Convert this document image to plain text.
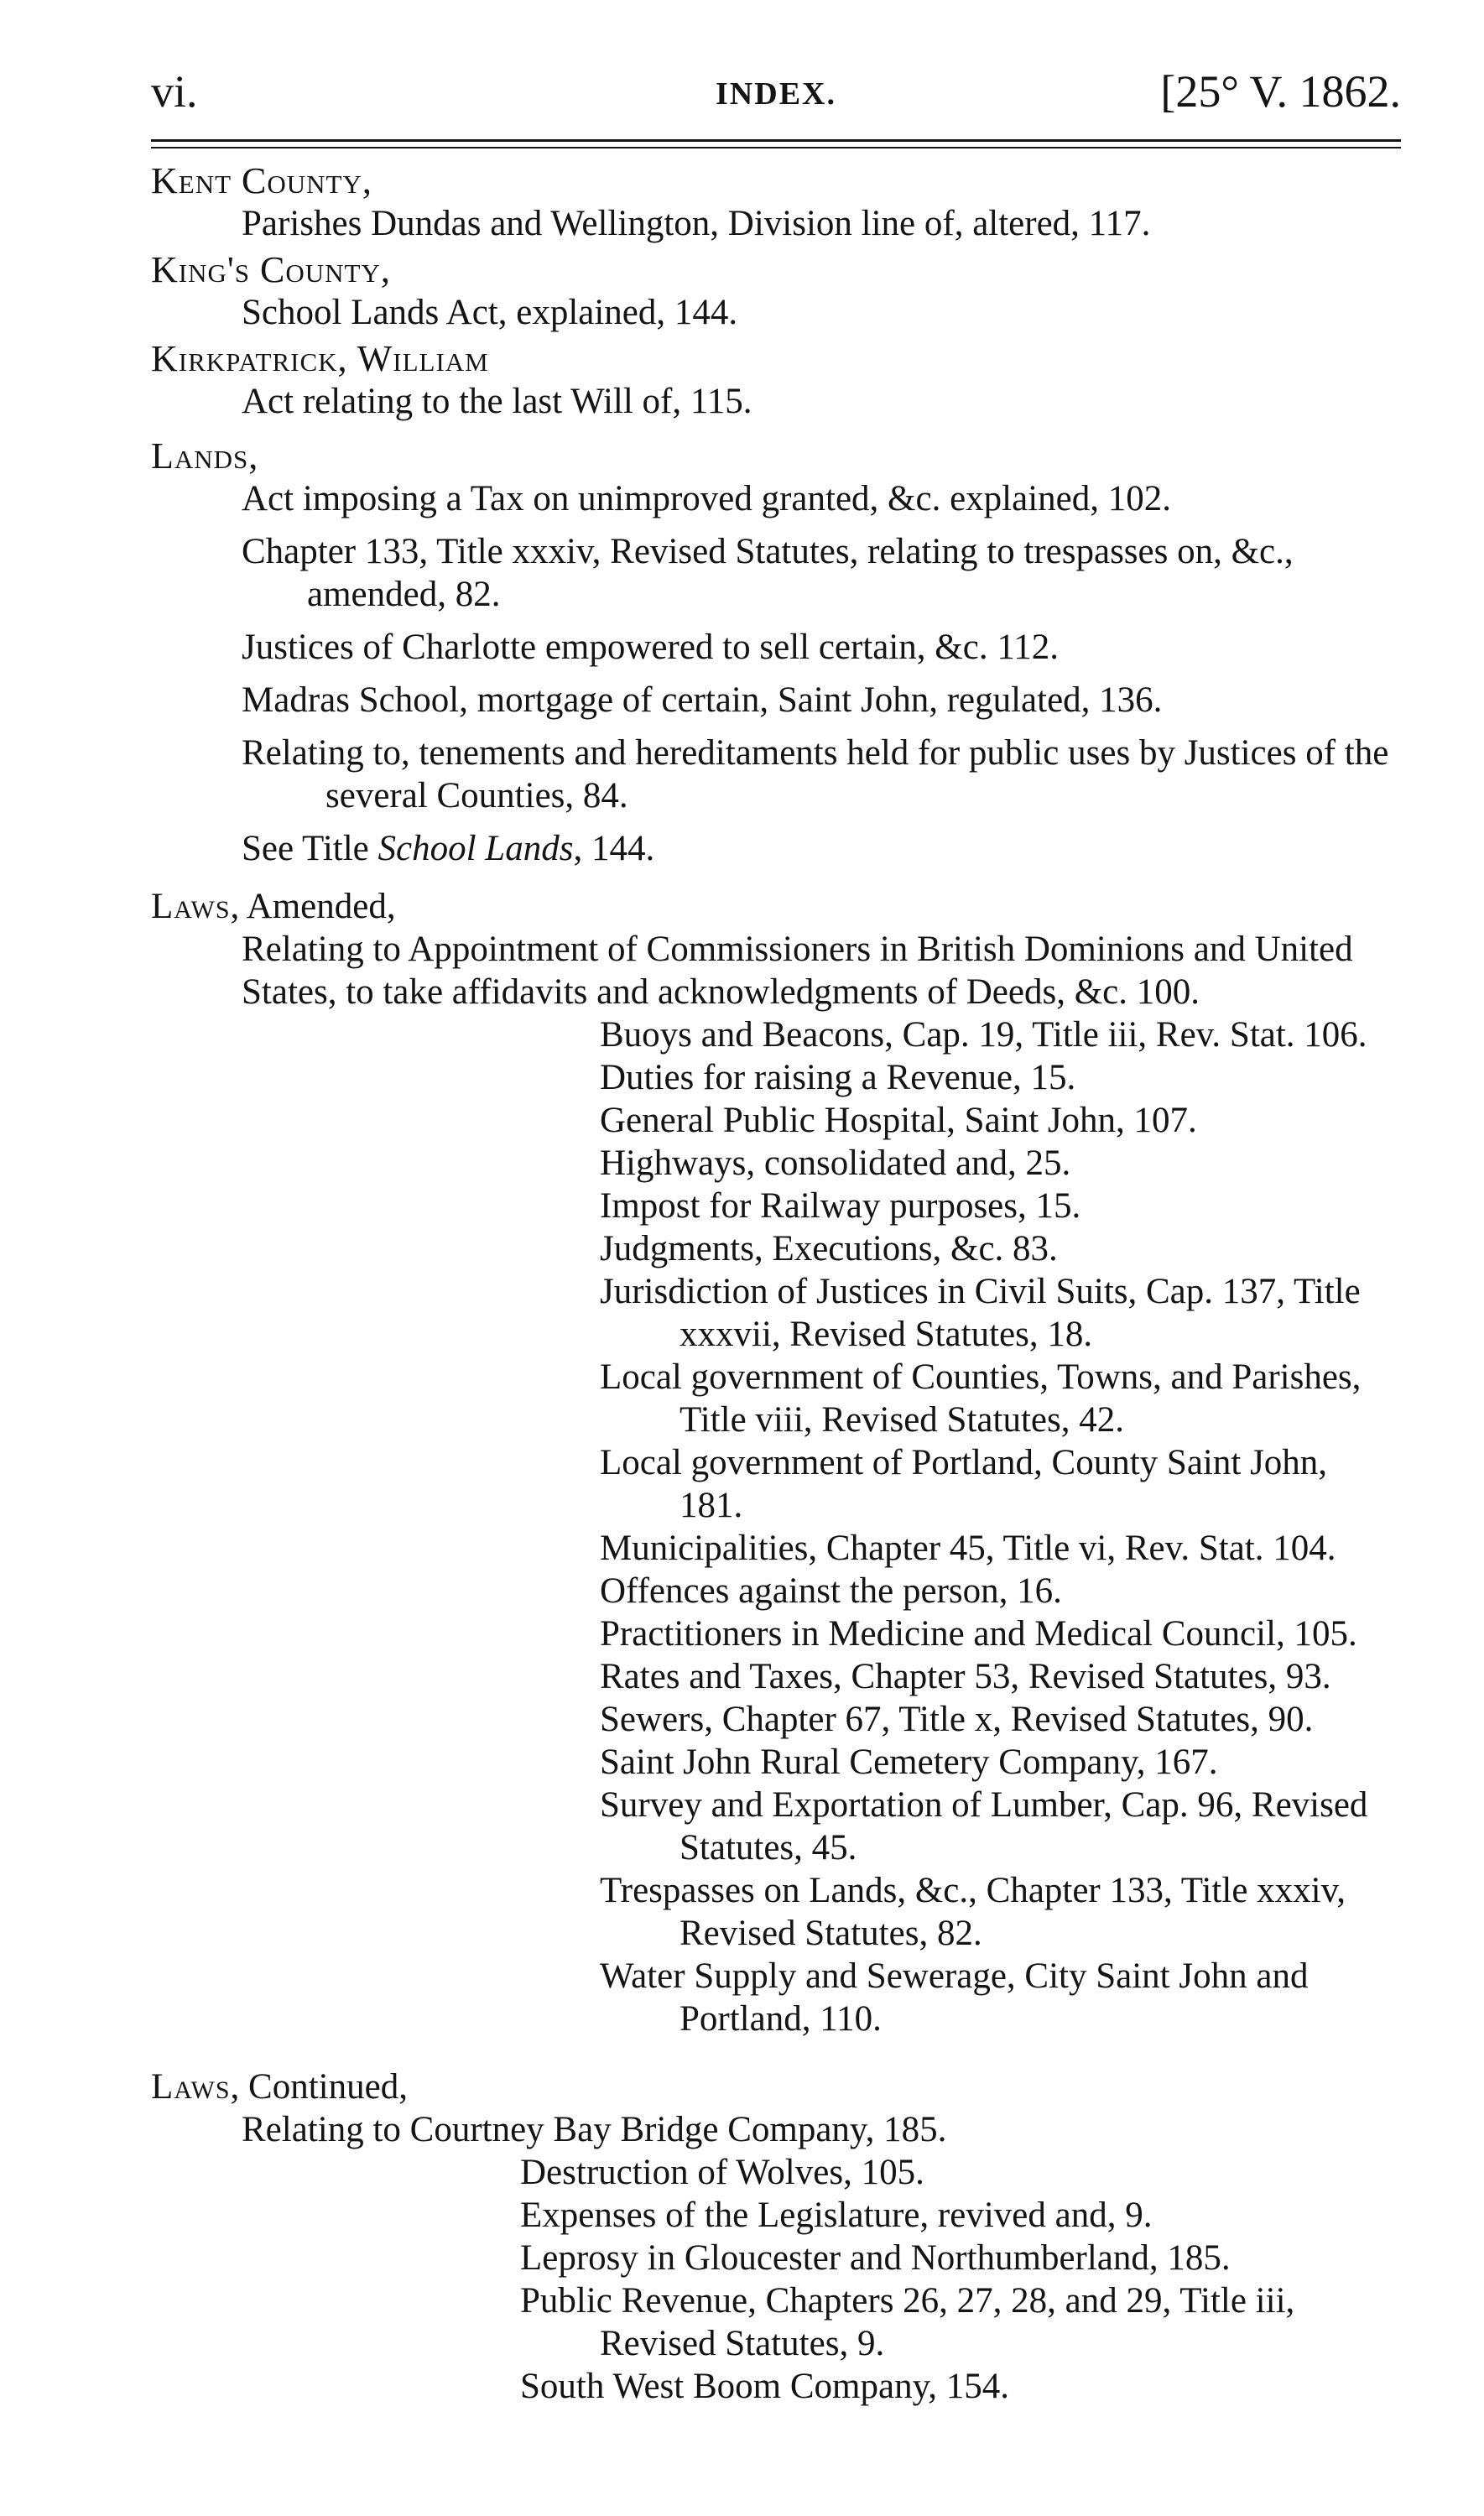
vi.	INDEX.	[25° V. 1862.
Kent County,
Parishes Dundas and Wellington, Division line of, altered, 117.
King's County,
School Lands Act, explained, 144.
Kirkpatrick, William
Act relating to the last Will of, 115.
Lands,
Act imposing a Tax on unimproved granted, &c. explained, 102.
Chapter 133, Title xxxiv, Revised Statutes, relating to trespasses on, &c., amended, 82.
Justices of Charlotte empowered to sell certain, &c. 112.
Madras School, mortgage of certain, Saint John, regulated, 136.
Relating to, tenements and hereditaments held for public uses by Justices of the several Counties, 84.
See Title School Lands, 144.
Laws, Amended,
Relating to Appointment of Commissioners in British Dominions and United States, to take affidavits and acknowledgments of Deeds, &c. 100.
Buoys and Beacons, Cap. 19, Title iii, Rev. Stat. 106.
Duties for raising a Revenue, 15.
General Public Hospital, Saint John, 107.
Highways, consolidated and, 25.
Impost for Railway purposes, 15.
Judgments, Executions, &c. 83.
Jurisdiction of Justices in Civil Suits, Cap. 137, Title xxxvii, Revised Statutes, 18.
Local government of Counties, Towns, and Parishes, Title viii, Revised Statutes, 42.
Local government of Portland, County Saint John, 181.
Municipalities, Chapter 45, Title vi, Rev. Stat. 104.
Offences against the person, 16.
Practitioners in Medicine and Medical Council, 105.
Rates and Taxes, Chapter 53, Revised Statutes, 93.
Sewers, Chapter 67, Title x, Revised Statutes, 90.
Saint John Rural Cemetery Company, 167.
Survey and Exportation of Lumber, Cap. 96, Revised Statutes, 45.
Trespasses on Lands, &c., Chapter 133, Title xxxiv, Revised Statutes, 82.
Water Supply and Sewerage, City Saint John and Portland, 110.
Laws, Continued,
Relating to Courtney Bay Bridge Company, 185.
Destruction of Wolves, 105.
Expenses of the Legislature, revived and, 9.
Leprosy in Gloucester and Northumberland, 185.
Public Revenue, Chapters 26, 27, 28, and 29, Title iii, Revised Statutes, 9.
South West Boom Company, 154.
